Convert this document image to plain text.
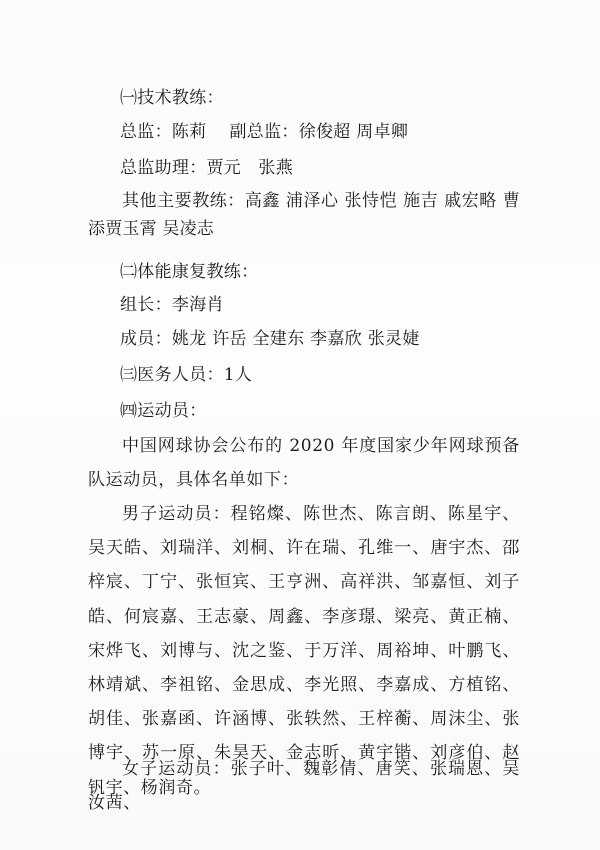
㈠技术教练：
总监：陈莉　 副总监：徐俊超 周卓卿
总监助理：贾元　张燕
其他主要教练：高鑫 浦泽心 张恃恺 施吉 戚宏略 曹添贾玉霄 吴凌志
㈡体能康复教练：
组长：李海肖
成员：姚龙 许岳 全建东 李嘉欣 张灵婕
㈢医务人员：1人
㈣运动员：
中国网球协会公布的 2020 年度国家少年网球预备队运动员，具体名单如下：
男子运动员：程铭燦、陈世杰、陈言朗、陈星宇、吴天皓、刘瑞洋、刘桐、许在瑞、孔维一、唐宇杰、邵梓宸、丁宁、张恒宾、王亨洲、高祥洪、邹嘉恒、刘子皓、何宸嘉、王志豪、周鑫、李彦璟、梁亮、黄正楠、宋烨飞、刘博与、沈之鉴、于万洋、周裕坤、叶鹏飞、林靖斌、李祖铭、金思成、李光照、李嘉成、方植铭、胡佳、张嘉函、许涵博、张轶然、王梓蘅、周沫尘、张博宇、苏一原、朱昊天、金志昕、黄宇锴、刘彦伯、赵钒宇、杨润奇。
女子运动员：张子叶、魏彰倩、唐笑、张瑞恩、吴汝茜、
